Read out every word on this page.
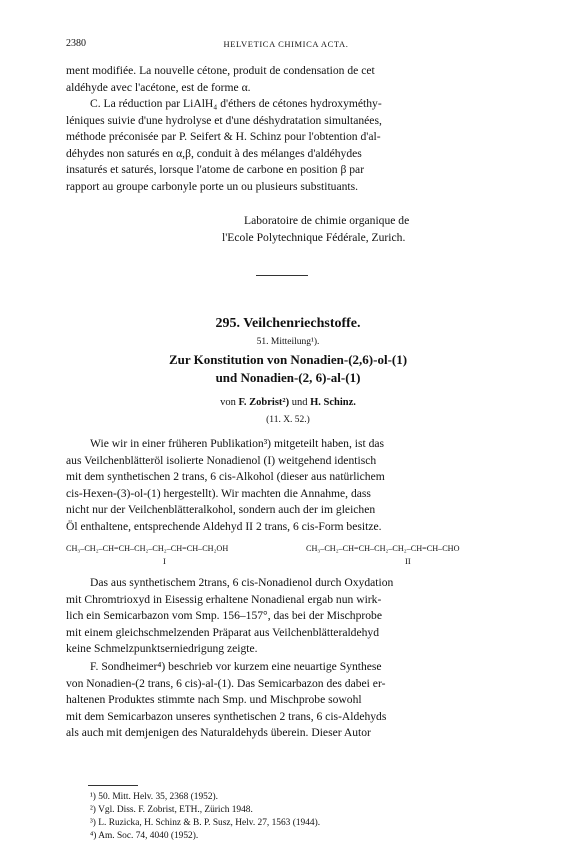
2380	HELVETICA CHIMICA ACTA.
ment modifiée. La nouvelle cétone, produit de condensation de cet
aldéhyde avec l'acétone, est de forme α.
C. La réduction par LiAlH₄ d'éthers de cétones hydroxyméthy-
léniques suivie d'une hydrolyse et d'une déshydratation simultanées,
méthode préconisée par P. Seifert & H. Schinz pour l'obtention d'al-
déhydes non saturés en α,β, conduit à des mélanges d'aldéhydes
insaturés et saturés, lorsque l'atome de carbone en position β par
rapport au groupe carbonyle porte un ou plusieurs substituants.
Laboratoire de chimie organique de
l'Ecole Polytechnique Fédérale, Zurich.
295. Veilchenriechstoffe.
51. Mitteilung¹).
Zur Konstitution von Nonadien-(2,6)-ol-(1)
und Nonadien-(2, 6)-al-(1)
von F. Zobrist²) und H. Schinz.
(11. X. 52.)
Wie wir in einer früheren Publikation³) mitgeteilt haben, ist das
aus Veilchenblätteröl isolierte Nonadienol (I) weitgehend identisch
mit dem synthetischen 2 trans, 6 cis-Alkohol (dieser aus natürlichem
cis-Hexen-(3)-ol-(1) hergestellt). Wir machten die Annahme, dass
nicht nur der Veilchenblätteralkohol, sondern auch der im gleichen
Öl enthaltene, entsprechende Aldehyd II 2 trans, 6 cis-Form besitze.
CH₃–CH₂–CH=CH–CH₂–CH₂–CH=CH–CH₂OH
I
CH₃–CH₂–CH=CH–CH₂–CH₂–CH=CH–CHO
II
Das aus synthetischem 2trans, 6 cis-Nonadienol durch Oxydation
mit Chromtrioxyd in Eisessig erhaltene Nonadienal ergab nun wirk-
lich ein Semicarbazon vom Smp. 156–157°, das bei der Mischprobe
mit einem gleichschmelzenden Präparat aus Veilchenblätteraldehyd
keine Schmelzpunktserniedrigung zeigte.
F. Sondheimer⁴) beschrieb vor kurzem eine neuartige Synthese
von Nonadien-(2 trans, 6 cis)-al-(1). Das Semicarbazon des dabei er-
haltenen Produktes stimmte nach Smp. und Mischprobe sowohl
mit dem Semicarbazon unseres synthetischen 2 trans, 6 cis-Aldehyds
als auch mit demjenigen des Naturaldehyds überein. Dieser Autor
¹) 50. Mitt. Helv. 35, 2368 (1952).
²) Vgl. Diss. F. Zobrist, ETH., Zürich 1948.
³) L. Ruzicka, H. Schinz & B. P. Susz, Helv. 27, 1563 (1944).
⁴) Am. Soc. 74, 4040 (1952).
